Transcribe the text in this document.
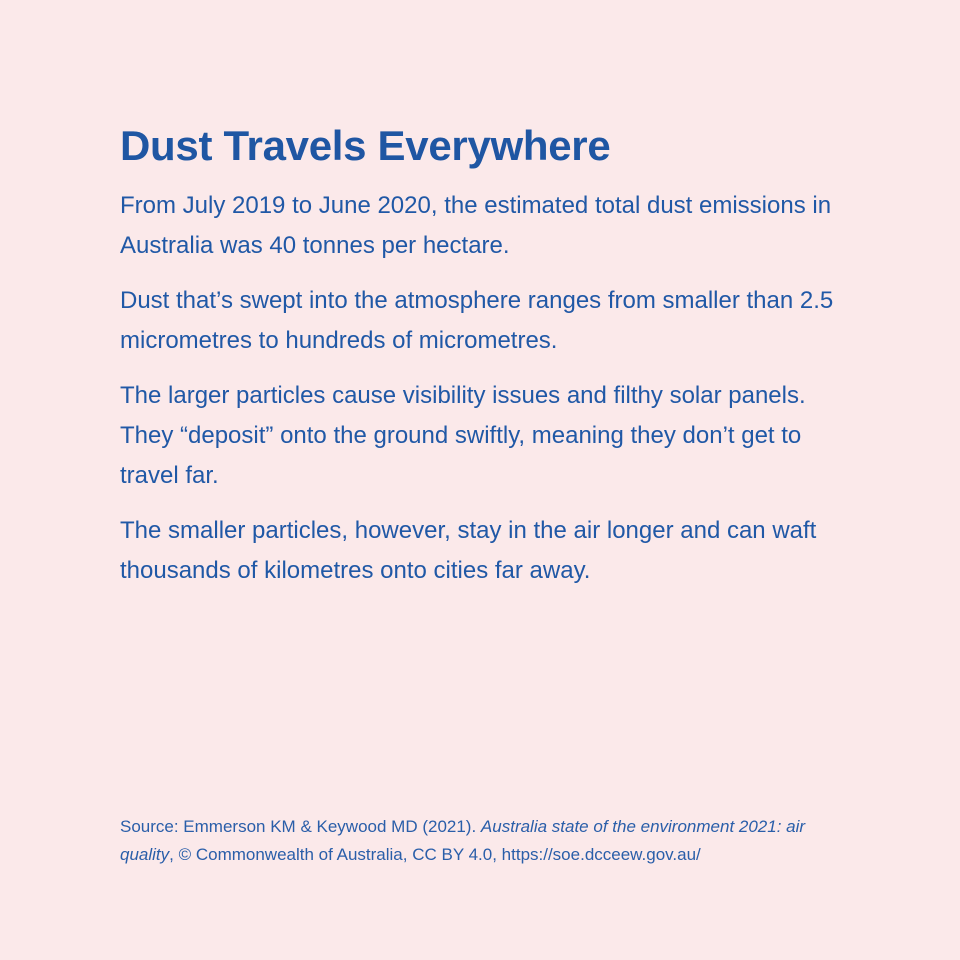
Dust Travels Everywhere

From July 2019 to June 2020, the estimated total dust emissions in Australia was 40 tonnes per hectare.

Dust that’s swept into the atmosphere ranges from smaller than 2.5 micrometres to hundreds of micrometres.

The larger particles cause visibility issues and filthy solar panels. They “deposit” onto the ground swiftly, meaning they don’t get to travel far.

The smaller particles, however, stay in the air longer and can waft thousands of kilometres onto cities far away.

Source: Emmerson KM & Keywood MD (2021). Australia state of the environment 2021: air quality, © Commonwealth of Australia, CC BY 4.0, https://soe.dcceew.gov.au/
